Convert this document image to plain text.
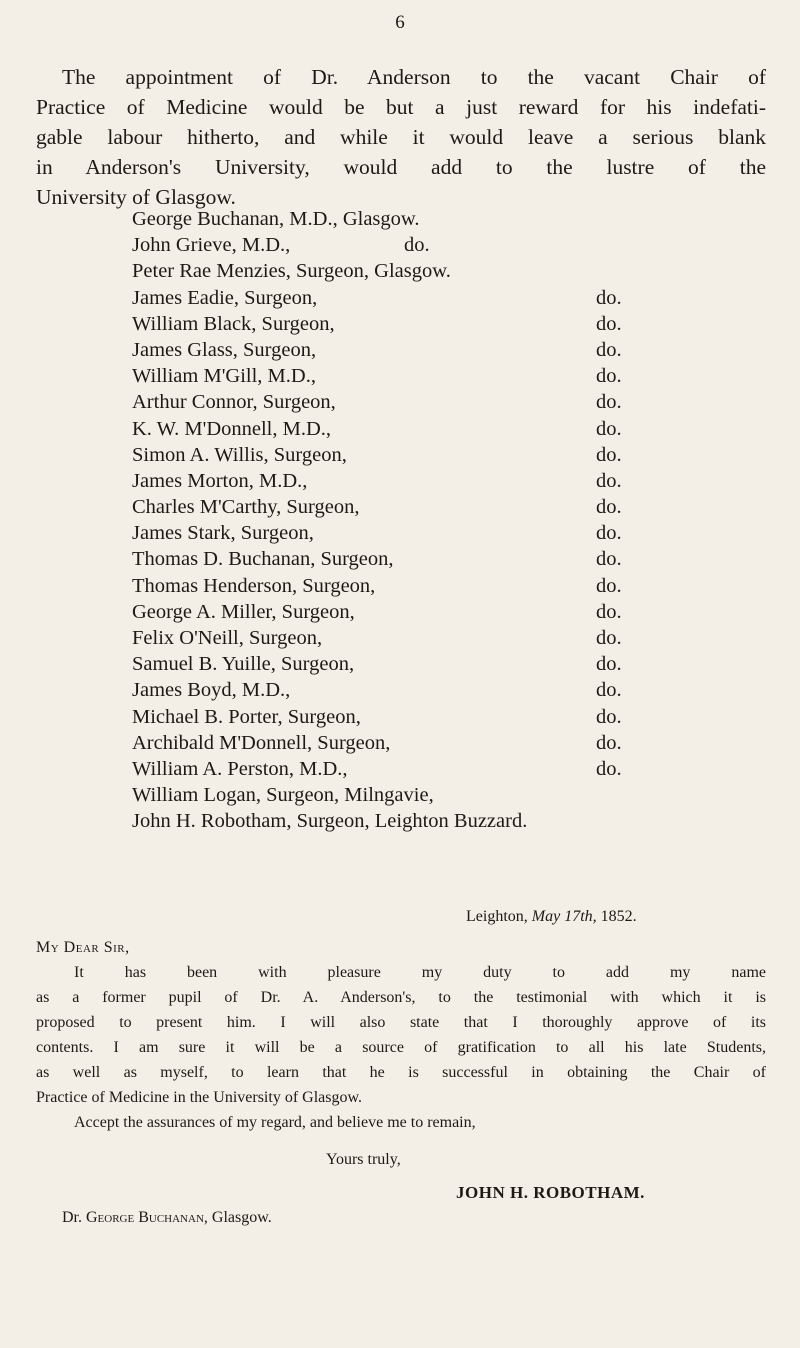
6

The appointment of Dr. Anderson to the vacant Chair of
Practice of Medicine would be but a just reward for his indefati-
gable labour hitherto, and while it would leave a serious blank
in Anderson's University, would add to the lustre of the
University of Glasgow.

George Buchanan, M.D., Glasgow.
John Grieve, M.D.,	do.
Peter Rae Menzies, Surgeon, Glasgow.
James Eadie, Surgeon,	do.
William Black, Surgeon,	do.
James Glass, Surgeon,	do.
William M'Gill, M.D.,	do.
Arthur Connor, Surgeon,	do.
K. W. M'Donnell, M.D.,	do.
Simon A. Willis, Surgeon,	do.
James Morton, M.D.,	do.
Charles M'Carthy, Surgeon,	do.
James Stark, Surgeon,	do.
Thomas D. Buchanan, Surgeon,	do.
Thomas Henderson, Surgeon,	do.
George A. Miller, Surgeon,	do.
Felix O'Neill, Surgeon,	do.
Samuel B. Yuille, Surgeon,	do.
James Boyd, M.D.,	do.
Michael B. Porter, Surgeon,	do.
Archibald M'Donnell, Surgeon,	do.
William A. Perston, M.D.,	do.
William Logan, Surgeon, Milngavie,
John H. Robotham, Surgeon, Leighton Buzzard.
Leighton, May 17th, 1852.
My Dear Sir,

It has been with pleasure my duty to add my name
as a former pupil of Dr. A. Anderson's, to the testimonial with which it is
proposed to present him. I will also state that I thoroughly approve of its
contents. I am sure it will be a source of gratification to all his late Students,
as well as myself, to learn that he is successful in obtaining the Chair of
Practice of Medicine in the University of Glasgow.

Accept the assurances of my regard, and believe me to remain,

Yours truly,
JOHN H. ROBOTHAM.
Dr. George Buchanan, Glasgow.
